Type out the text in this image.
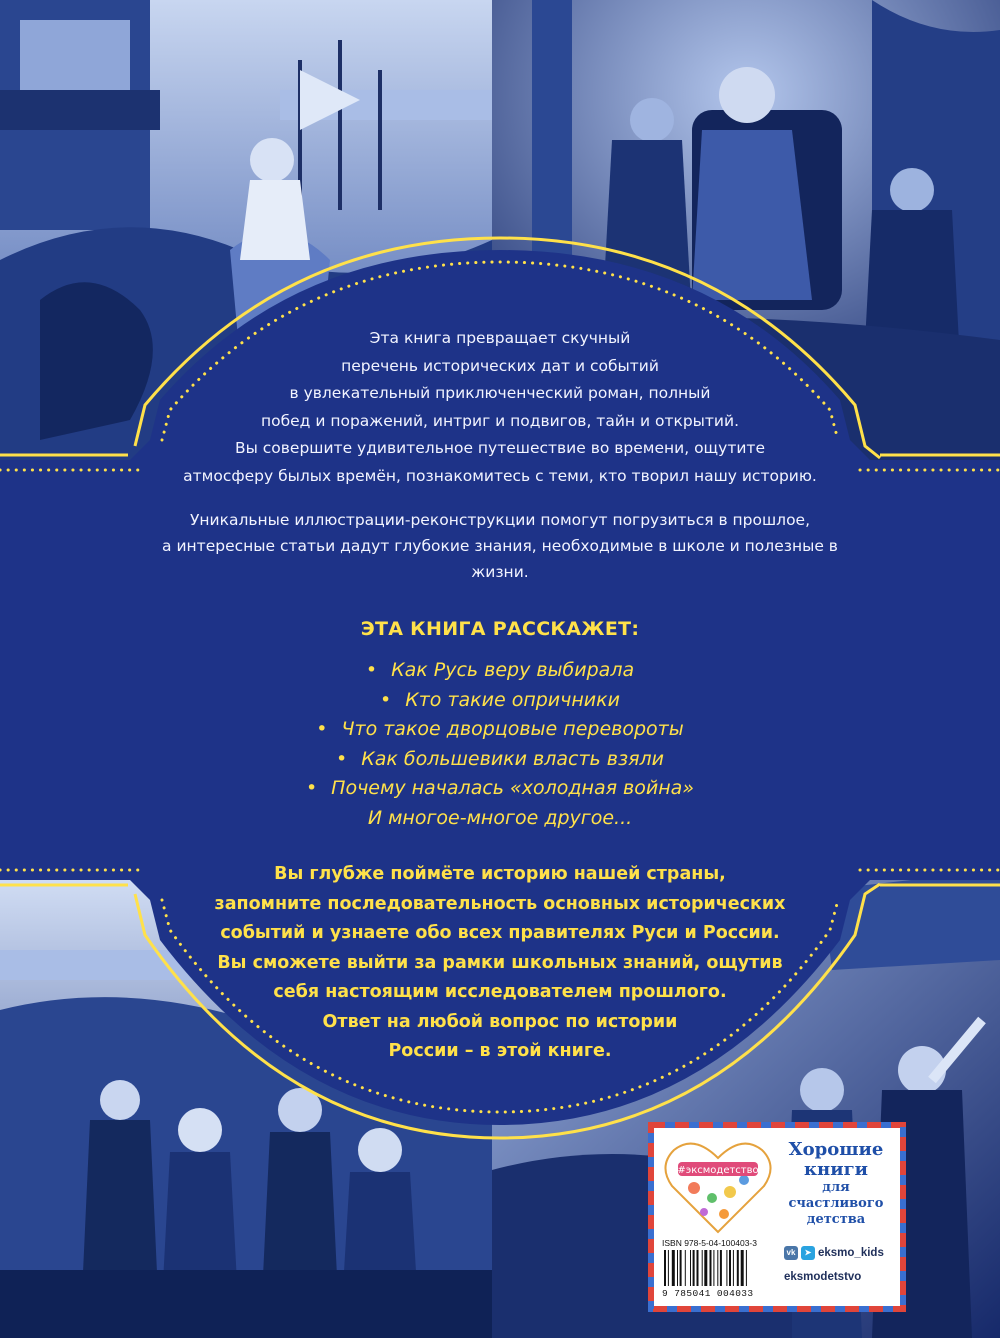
Эта книга превращает скучный

перечень исторических дат и событий

в увлекательный приключенческий роман, полный

побед и поражений, интриг и подвигов, тайн и открытий.

Вы совершите удивительное путешествие во времени, ощутите

атмосферу былых времён, познакомитесь с теми, кто творил нашу историю.

Уникальные иллюстрации-реконструкции помогут погрузиться в прошлое,

а интересные статьи дадут глубокие знания, необходимые в школе и полезные в жизни.

ЭТА КНИГА РАССКАЖЕТ:
• Как Русь веру выбирала
• Кто такие опричники
• Что такое дворцовые перевороты
• Как большевики власть взяли
• Почему началась «холодная война»
И многое-многое другое...

Вы глубже поймёте историю нашей страны,

запомните последовательность основных исторических

событий и узнаете обо всех правителях Руси и России.

Вы сможете выйти за рамки школьных знаний, ощутив

себя настоящим исследователем прошлого.

Ответ на любой вопрос по истории

России – в этой книге.

#эксмодетство
Хорошие
книги
для счастливого
детства
ISBN 978-5-04-100403-3
9 785041 004033
vk	➤ eksmo_kids
eksmodetstvo
